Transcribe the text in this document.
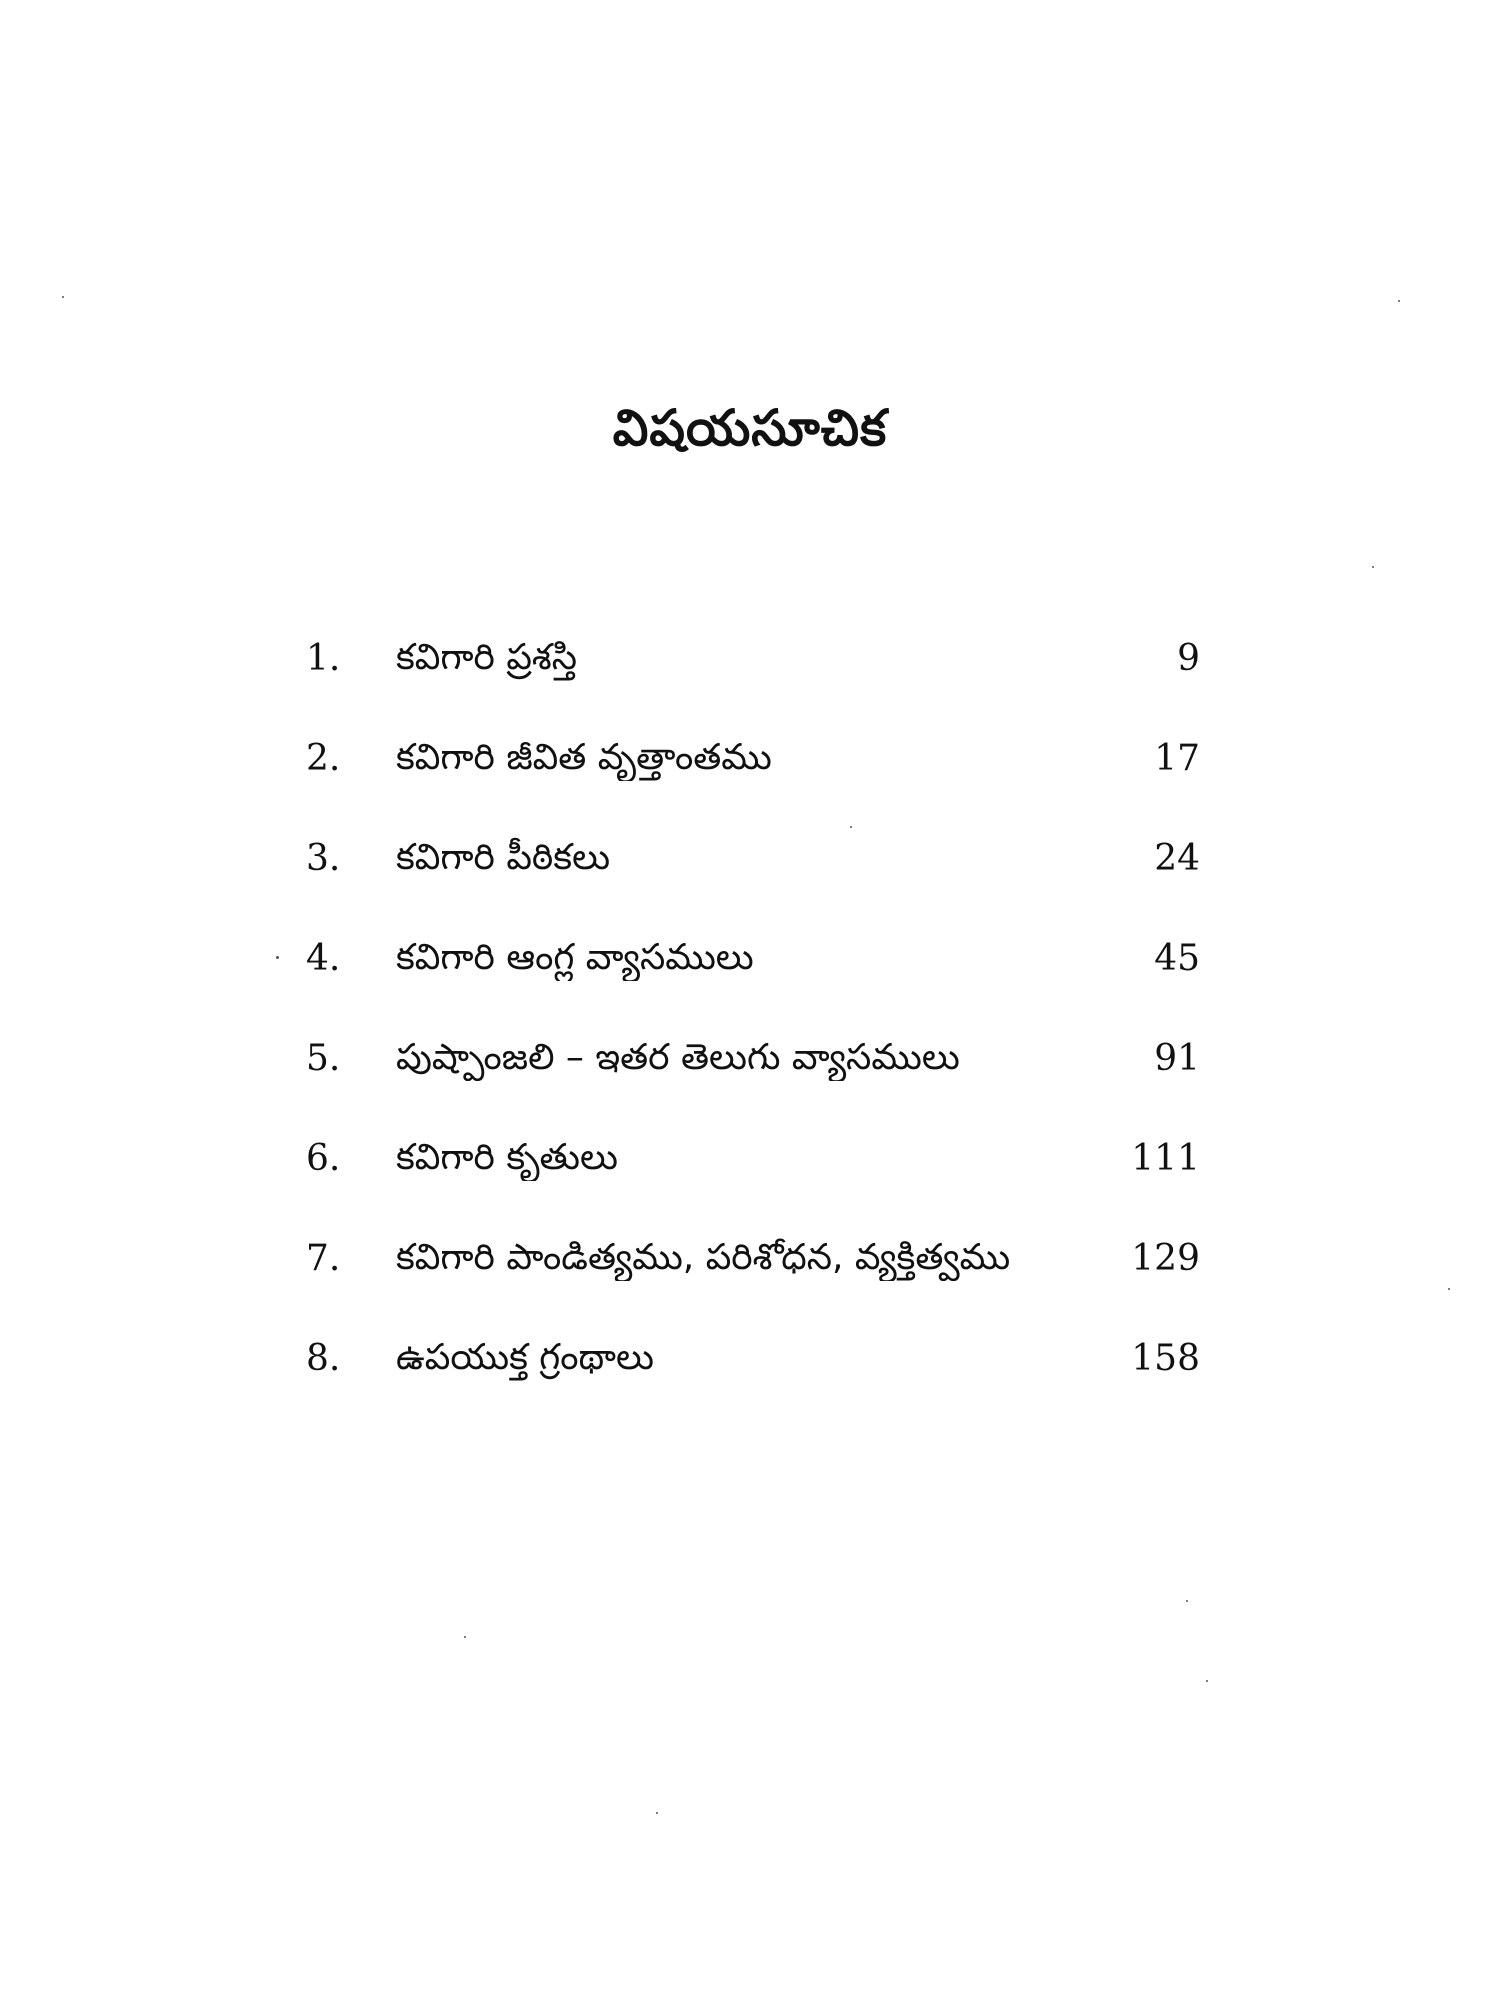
విషయసూచిక
1.	కవిగారి ప్రశస్తి	9
2.	కవిగారి జీవిత వృత్తాంతము	17
3.	కవిగారి పీఠికలు	24
4.	కవిగారి ఆంగ్ల వ్యాసములు	45
5.	పుష్పాంజలి – ఇతర తెలుగు వ్యాసములు	91
6.	కవిగారి కృతులు	111
7.	కవిగారి పాండిత్యము, పరిశోధన, వ్యక్తిత్వము	129
8.	ఉపయుక్త గ్రంథాలు	158
